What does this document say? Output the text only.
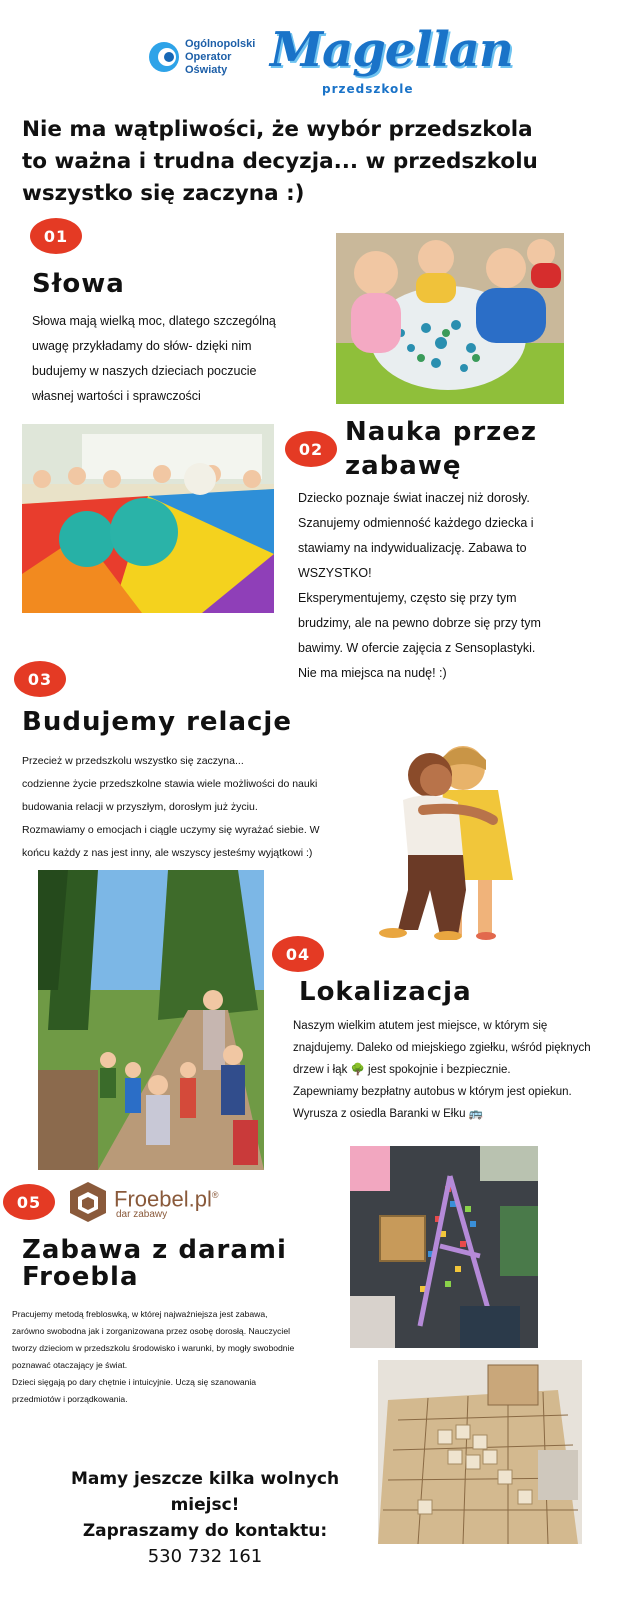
Ogólnopolski
Operator
Oświaty Magellan
przedszkole
Nie ma wątpliwości, że wybór przedszkola
to ważna i trudna decyzja... w przedszkolu
wszystko się zaczyna :)
01
Słowa
Słowa mają wielką moc, dlatego szczególną
uwagę przykładamy do słów- dzięki nim
budujemy w naszych dzieciach poczucie
własnej wartości i sprawczości
02
Nauka przez
zabawę
Dziecko poznaje świat inaczej niż dorosły.
Szanujemy odmienność każdego dziecka i
stawiamy na indywidualizację. Zabawa to
WSZYSTKO!
Eksperymentujemy, często się przy tym
brudzimy, ale na pewno dobrze się przy tym
bawimy. W ofercie zajęcia z Sensoplastyki.
Nie ma miejsca na nudę! :)
03
Budujemy relacje
Przecież w przedszkolu wszystko się zaczyna...
codzienne życie przedszkolne stawia wiele możliwości do nauki
budowania relacji w przyszłym, dorosłym już życiu.
Rozmawiamy o emocjach i ciągle uczymy się wyrażać siebie. W
końcu każdy z nas jest inny, ale wszyscy jesteśmy wyjątkowi :)
04
Lokalizacja
Naszym wielkim atutem jest miejsce, w którym się
znajdujemy. Daleko od miejskiego zgiełku, wśród pięknych
drzew i łąk 🌳 jest spokojnie i bezpiecznie.
Zapewniamy bezpłatny autobus w którym jest opiekun.
Wyrusza z osiedla Baranki w Ełku 🚌
05	Froebel.pl®
dar zabawy
Zabawa z darami
Froebla
Pracujemy metodą frebloswką, w której najważniejsza jest zabawa,
zarówno swobodna jak i zorganizowana przez osobę dorosłą. Nauczyciel
tworzy dzieciom w przedszkolu środowisko i warunki, by mogły swobodnie
poznawać otaczający je świat.
Dzieci sięgają po dary chętnie i intuicyjnie. Uczą się szanowania
przedmiotów i porządkowania.
Mamy jeszcze kilka wolnych miejsc!
Zapraszamy do kontaktu:
530 732 161
